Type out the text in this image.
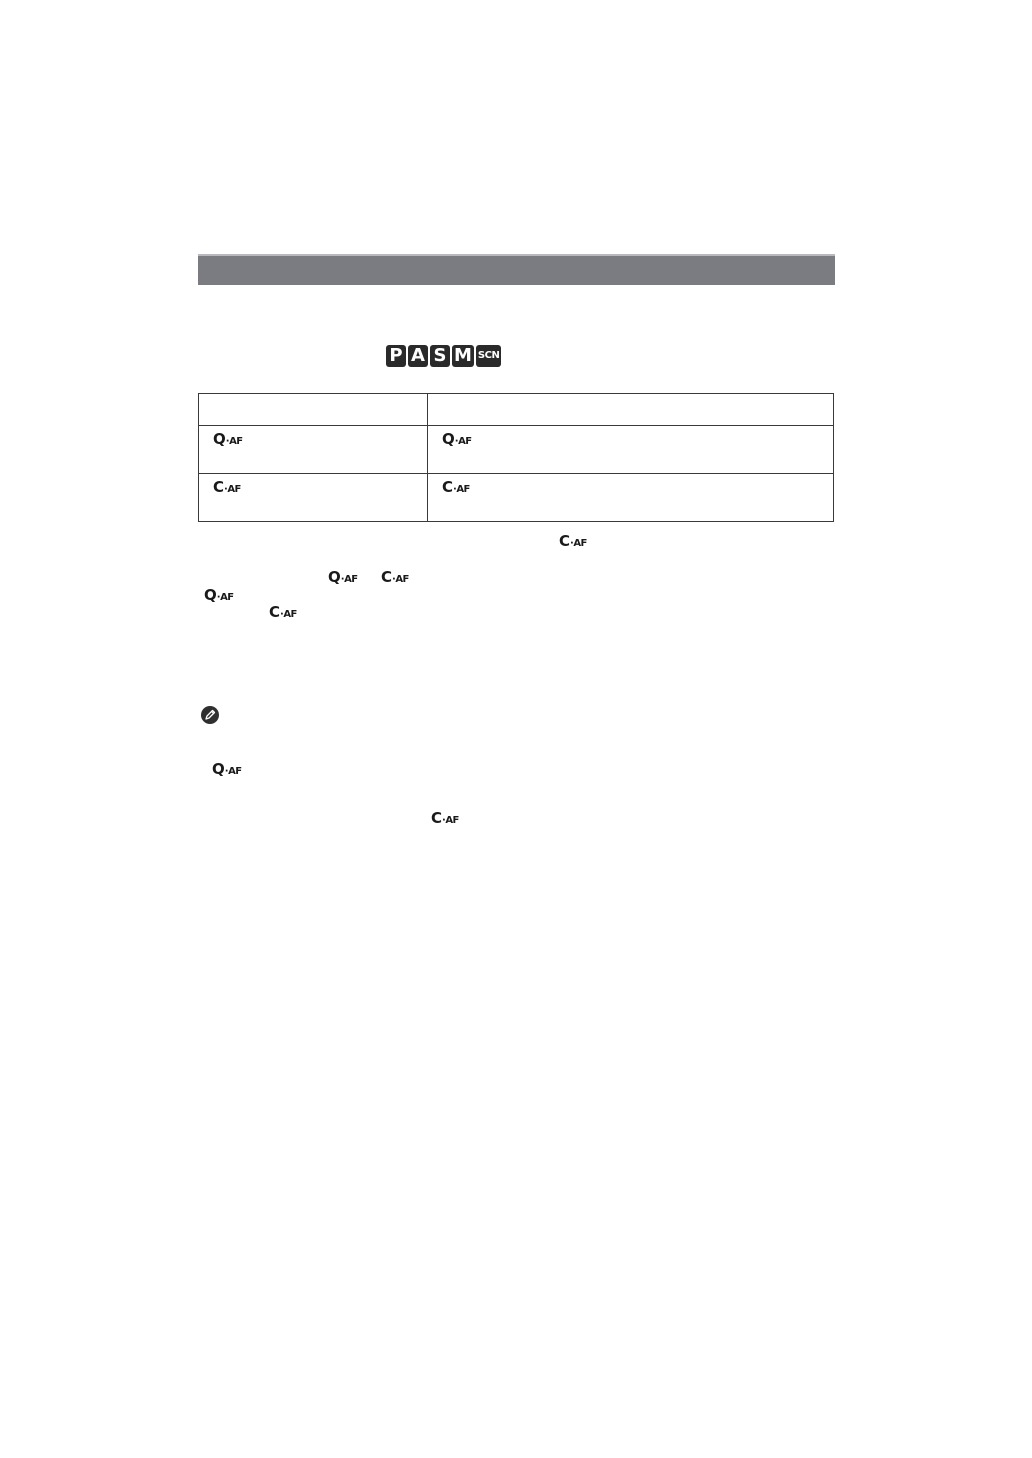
P A S M SCN

Q·AF	Q·AF
C·AF	C·AF
C·AF
Q·AF C·AF
Q·AF
C·AF
Q·AF
C·AF
